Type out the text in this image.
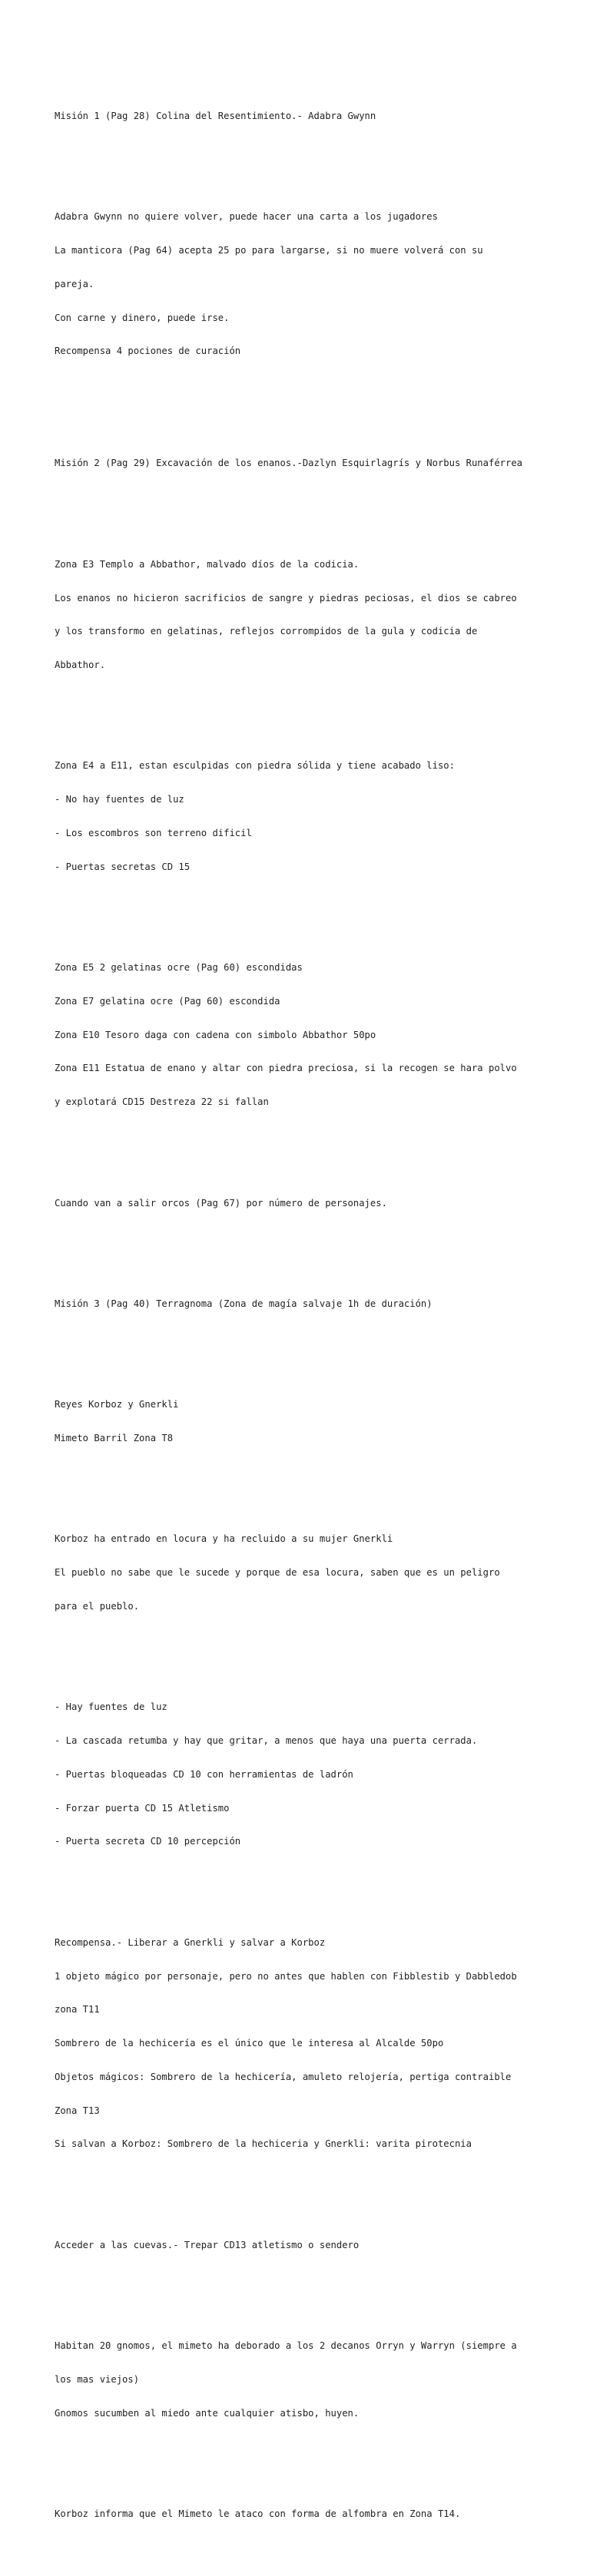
Misión 1 (Pag 28) Colina del Resentimiento.- Adabra Gwynn

Adabra Gwynn no quiere volver, puede hacer una carta a los jugadores

La manticora (Pag 64) acepta 25 po para largarse, si no muere volverá con su

pareja.

Con carne y dinero, puede irse.

Recompensa 4 pociones de curación

Misión 2 (Pag 29) Excavación de los enanos.-Dazlyn Esquirlagrís y Norbus Runaférrea

Zona E3 Templo a Abbathor, malvado díos de la codicia.

Los enanos no hicieron sacrificios de sangre y piedras peciosas, el dios se cabreo

y los transformo en gelatinas, reflejos corrompidos de la gula y codicia de

Abbathor.

Zona E4 a E11, estan esculpidas con piedra sólida y tiene acabado liso:

- No hay fuentes de luz

- Los escombros son terreno dificil

- Puertas secretas CD 15

Zona E5 2 gelatinas ocre (Pag 60) escondidas

Zona E7 gelatina ocre (Pag 60) escondida

Zona E10 Tesoro daga con cadena con simbolo Abbathor 50po

Zona E11 Estatua de enano y altar con piedra preciosa, si la recogen se hara polvo

y explotará CD15 Destreza 22 si fallan

Cuando van a salir orcos (Pag 67) por número de personajes.

Misión 3 (Pag 40) Terragnoma (Zona de magía salvaje 1h de duración)

Reyes Korboz y Gnerkli

Mimeto Barril Zona T8

Korboz ha entrado en locura y ha recluido a su mujer Gnerkli

El pueblo no sabe que le sucede y porque de esa locura, saben que es un peligro

para el pueblo.

- Hay fuentes de luz

- La cascada retumba y hay que gritar, a menos que haya una puerta cerrada.

- Puertas bloqueadas CD 10 con herramientas de ladrón

- Forzar puerta CD 15 Atletismo

- Puerta secreta CD 10 percepción

Recompensa.- Liberar a Gnerkli y salvar a Korboz

1 objeto mágico por personaje, pero no antes que hablen con Fibblestib y Dabbledob

zona T11

Sombrero de la hechicería es el único que le interesa al Alcalde 50po

Objetos mágicos: Sombrero de la hechicería, amuleto relojería, pertiga contraible

Zona T13

Si salvan a Korboz: Sombrero de la hechiceria y Gnerkli: varita pirotecnia

Acceder a las cuevas.- Trepar CD13 atletismo o sendero

Habitan 20 gnomos, el mimeto ha deborado a los 2 decanos Orryn y Warryn (siempre a

los mas viejos)

Gnomos sucumben al miedo ante cualquier atisbo, huyen.

Korboz informa que el Mimeto le ataco con forma de alfombra en Zona T14.
